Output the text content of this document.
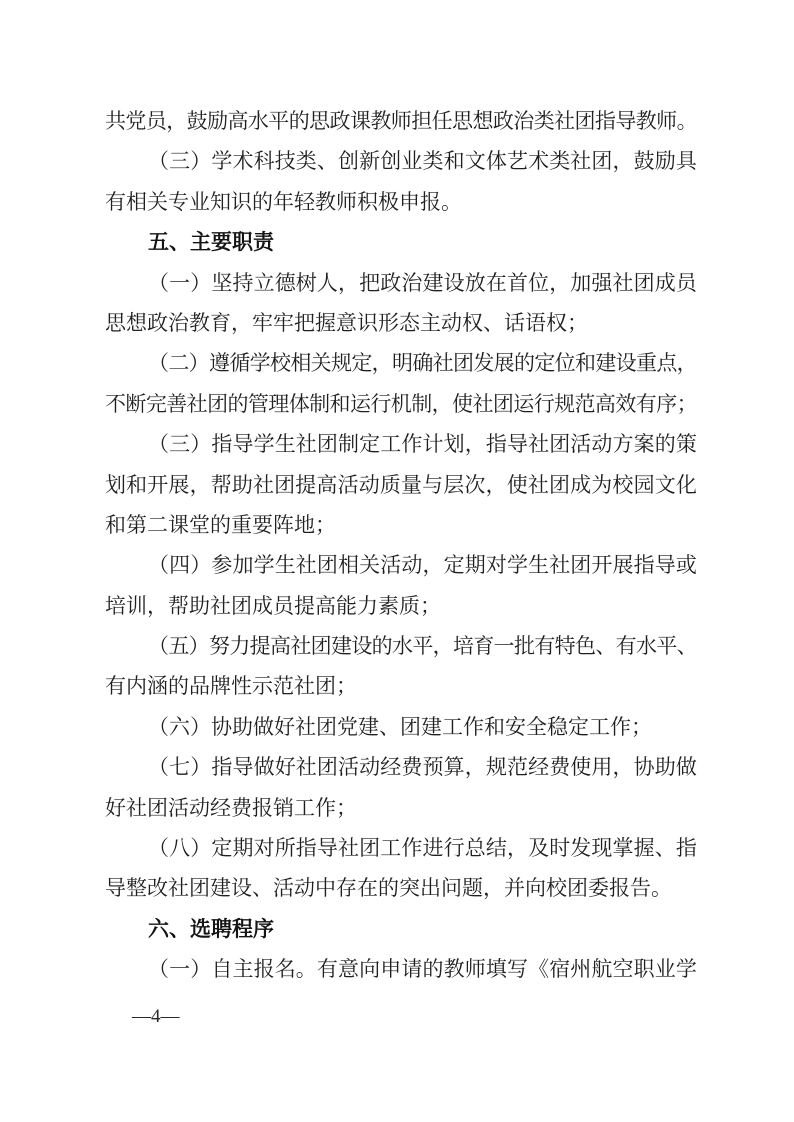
共党员，鼓励高水平的思政课教师担任思想政治类社团指导教师。
（三）学术科技类、创新创业类和文体艺术类社团，鼓励具
有相关专业知识的年轻教师积极申报。
五、主要职责
（一）坚持立德树人，把政治建设放在首位，加强社团成员
思想政治教育，牢牢把握意识形态主动权、话语权；
（二）遵循学校相关规定，明确社团发展的定位和建设重点，
不断完善社团的管理体制和运行机制，使社团运行规范高效有序；
（三）指导学生社团制定工作计划，指导社团活动方案的策
划和开展，帮助社团提高活动质量与层次，使社团成为校园文化
和第二课堂的重要阵地；
（四）参加学生社团相关活动，定期对学生社团开展指导或
培训，帮助社团成员提高能力素质；
（五）努力提高社团建设的水平，培育一批有特色、有水平、
有内涵的品牌性示范社团；
（六）协助做好社团党建、团建工作和安全稳定工作；
（七）指导做好社团活动经费预算，规范经费使用，协助做
好社团活动经费报销工作；
（八）定期对所指导社团工作进行总结，及时发现掌握、指
导整改社团建设、活动中存在的突出问题，并向校团委报告。
六、选聘程序
（一）自主报名。有意向申请的教师填写《宿州航空职业学
—4—
